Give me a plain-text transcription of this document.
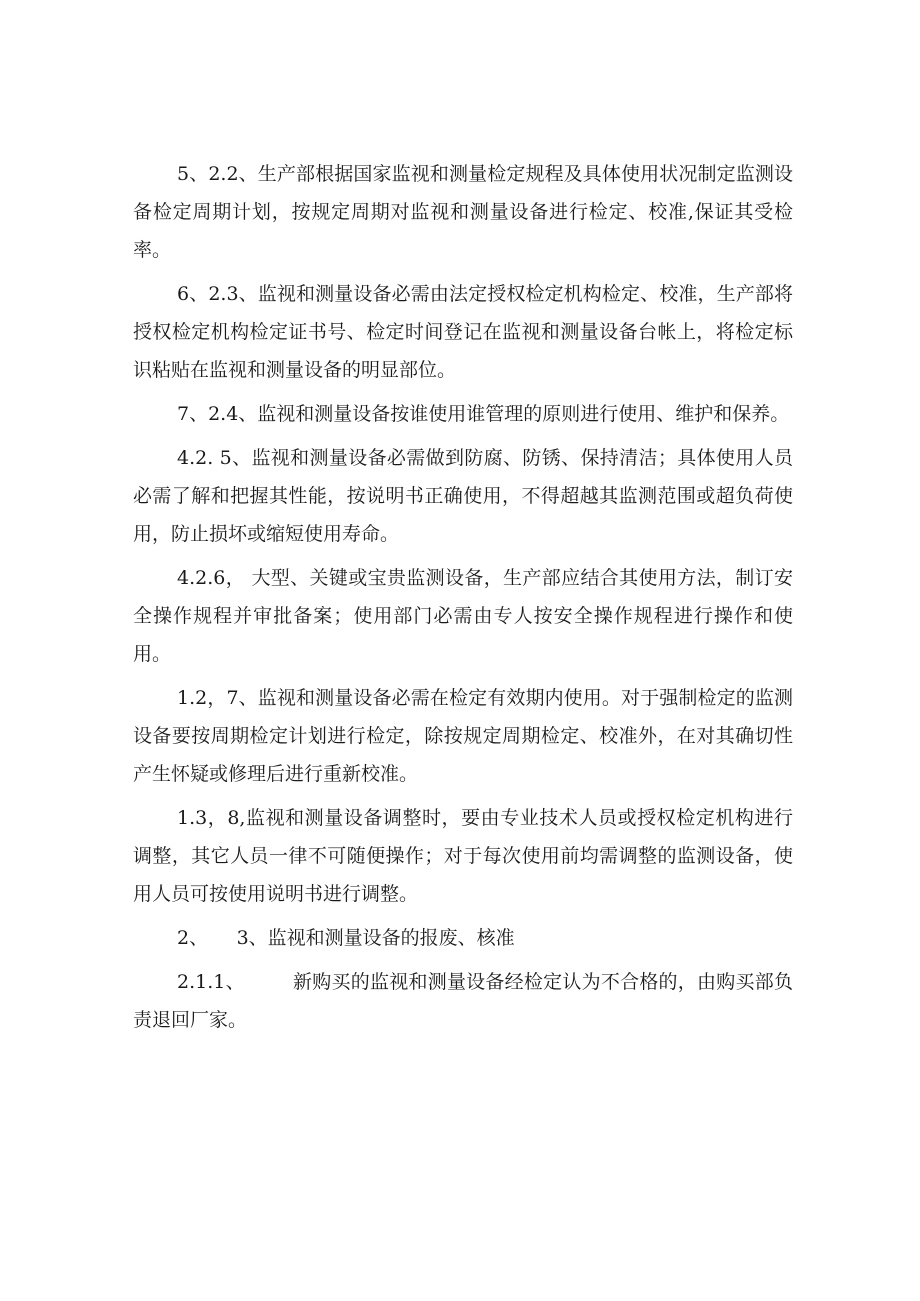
5、2.2、生产部根据国家监视和测量检定规程及具体使用状况制定监测设备检定周期计划，按规定周期对监视和测量设备进行检定、校准,保证其受检率。

6、2.3、监视和测量设备必需由法定授权检定机构检定、校准，生产部将授权检定机构检定证书号、检定时间登记在监视和测量设备台帐上，将检定标识粘贴在监视和测量设备的明显部位。

7、2.4、监视和测量设备按谁使用谁管理的原则进行使用、维护和保养。

4.2. 5、监视和测量设备必需做到防腐、防锈、保持清洁；具体使用人员必需了解和把握其性能，按说明书正确使用，不得超越其监测范围或超负荷使用，防止损坏或缩短使用寿命。

4.2.6， 大型、关键或宝贵监测设备，生产部应结合其使用方法，制订安全操作规程并审批备案；使用部门必需由专人按安全操作规程进行操作和使用。

1.2，7、监视和测量设备必需在检定有效期内使用。对于强制检定的监测设备要按周期检定计划进行检定，除按规定周期检定、校准外，在对其确切性产生怀疑或修理后进行重新校准。

1.3，8,监视和测量设备调整时，要由专业技术人员或授权检定机构进行调整，其它人员一律不可随便操作；对于每次使用前均需调整的监测设备，使用人员可按使用说明书进行调整。

2、　　3、监视和测量设备的报废、核准

2.1.1、　　　新购买的监视和测量设备经检定认为不合格的，由购买部负责退回厂家。
